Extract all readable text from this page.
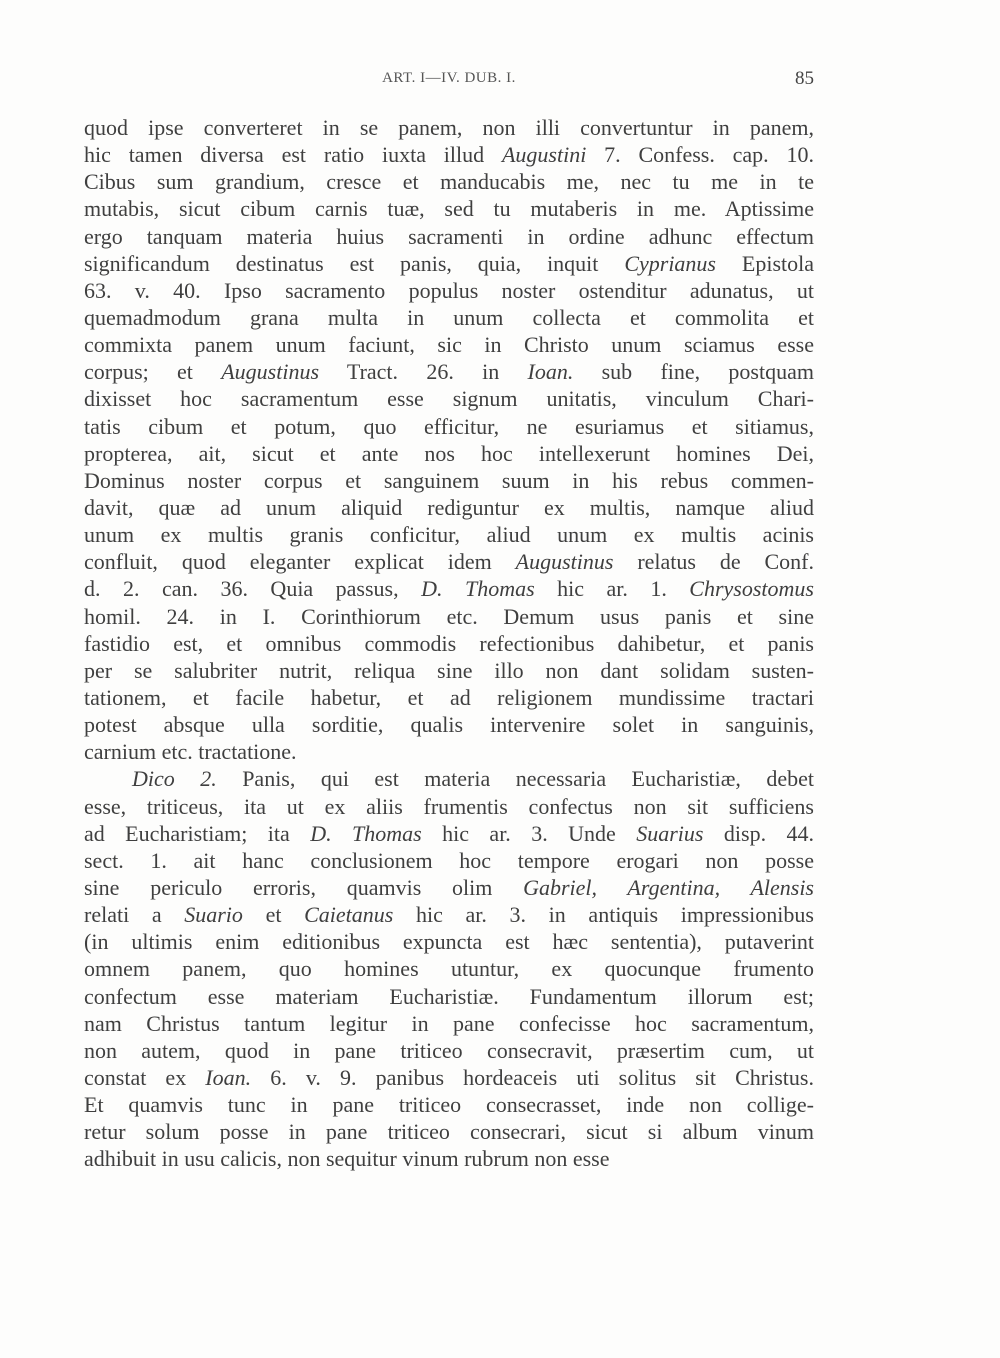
ART. I—IV. DUB. I.	85
quod ipse converteret in se panem, non illi convertuntur in panem,
hic tamen diversa est ratio iuxta illud Augustini 7. Confess. cap. 10.
Cibus sum grandium, cresce et manducabis me, nec tu me in te
mutabis, sicut cibum carnis tuæ, sed tu mutaberis in me. Aptissime
ergo tanquam materia huius sacramenti in ordine adhunc effectum
significandum destinatus est panis, quia, inquit Cyprianus Epistola
63. v. 40. Ipso sacramento populus noster ostenditur adunatus, ut
quemadmodum grana multa in unum collecta et commolita et
commixta panem unum faciunt, sic in Christo unum sciamus esse
corpus; et Augustinus Tract. 26. in Ioan. sub fine, postquam
dixisset hoc sacramentum esse signum unitatis, vinculum Chari-
tatis cibum et potum, quo efficitur, ne esuriamus et sitiamus,
propterea, ait, sicut et ante nos hoc intellexerunt homines Dei,
Dominus noster corpus et sanguinem suum in his rebus commen-
davit, quæ ad unum aliquid rediguntur ex multis, namque aliud
unum ex multis granis conficitur, aliud unum ex multis acinis
confluit, quod eleganter explicat idem Augustinus relatus de Conf.
d. 2. can. 36. Quia passus, D. Thomas hic ar. 1. Chrysostomus
homil. 24. in I. Corinthiorum etc. Demum usus panis et sine
fastidio est, et omnibus commodis refectionibus dahibetur, et panis
per se salubriter nutrit, reliqua sine illo non dant solidam susten-
tationem, et facile habetur, et ad religionem mundissime tractari
potest absque ulla sorditie, qualis intervenire solet in sanguinis,
carnium etc. tractatione.
Dico 2. Panis, qui est materia necessaria Eucharistiæ, debet
esse, triticeus, ita ut ex aliis frumentis confectus non sit sufficiens
ad Eucharistiam; ita D. Thomas hic ar. 3. Unde Suarius disp. 44.
sect. 1. ait hanc conclusionem hoc tempore erogari non posse
sine periculo erroris, quamvis olim Gabriel, Argentina, Alensis
relati a Suario et Caietanus hic ar. 3. in antiquis impressionibus
(in ultimis enim editionibus expuncta est hæc sententia), putaverint
omnem panem, quo homines utuntur, ex quocunque frumento
confectum esse materiam Eucharistiæ. Fundamentum illorum est;
nam Christus tantum legitur in pane confecisse hoc sacramentum,
non autem, quod in pane triticeo consecravit, præsertim cum, ut
constat ex Ioan. 6. v. 9. panibus hordeaceis uti solitus sit Christus.
Et quamvis tunc in pane triticeo consecrasset, inde non collige-
retur solum posse in pane triticeo consecrari, sicut si album vinum
adhibuit in usu calicis, non sequitur vinum rubrum non esse
